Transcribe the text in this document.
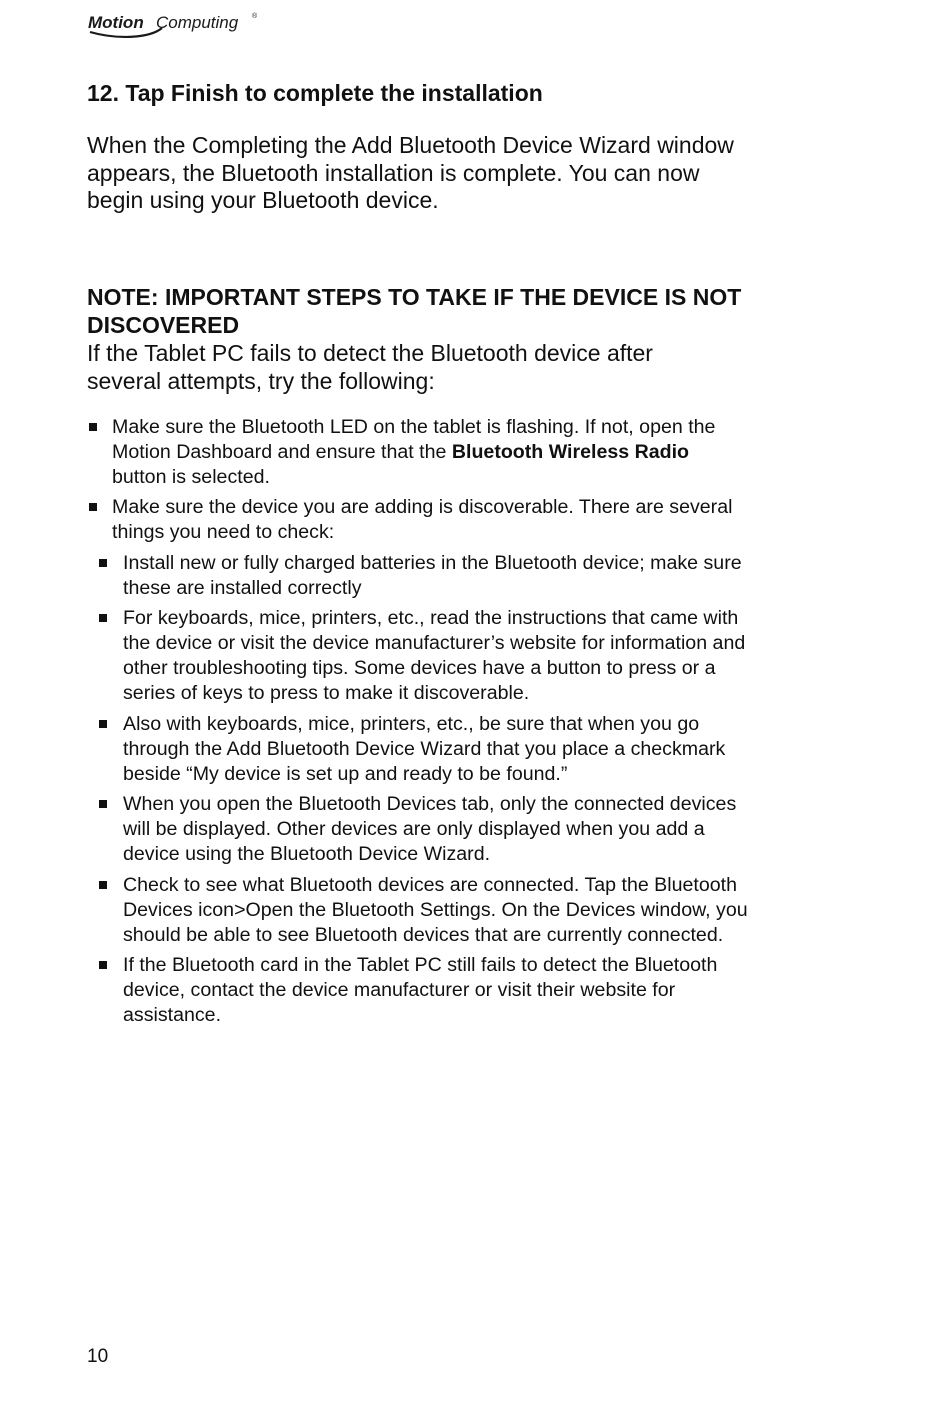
Motion Computing ®
12. Tap Finish to complete the installation

When the Completing the Add Bluetooth Device Wizard window appears, the Bluetooth installation is complete. You can now begin using your Bluetooth device.

NOTE: IMPORTANT STEPS TO TAKE IF THE DEVICE IS NOT DISCOVERED

If the Tablet PC fails to detect the Bluetooth device after several attempts, try the following:

Make sure the Bluetooth LED on the tablet is flashing. If not, open the Motion Dashboard and ensure that the Bluetooth Wireless Radio button is selected.
Make sure the device you are adding is discoverable. There are several things you need to check:
Install new or fully charged batteries in the Bluetooth device; make sure these are installed correctly
For keyboards, mice, printers, etc., read the instructions that came with the device or visit the device manufacturer’s website for information and other troubleshooting tips. Some devices have a button to press or a series of keys to press to make it discoverable.
Also with keyboards, mice, printers, etc., be sure that when you go through the Add Bluetooth Device Wizard that you place a checkmark beside “My device is set up and ready to be found.”
When you open the Bluetooth Devices tab, only the connected devices will be displayed. Other devices are only displayed when you add a device using the Bluetooth Device Wizard.
Check to see what Bluetooth devices are connected. Tap the Bluetooth Devices icon>Open the Bluetooth Settings. On the Devices window, you should be able to see Bluetooth devices that are currently connected.
If the Bluetooth card in the Tablet PC still fails to detect the Bluetooth device, contact the device manufacturer or visit their website for assistance.
10
